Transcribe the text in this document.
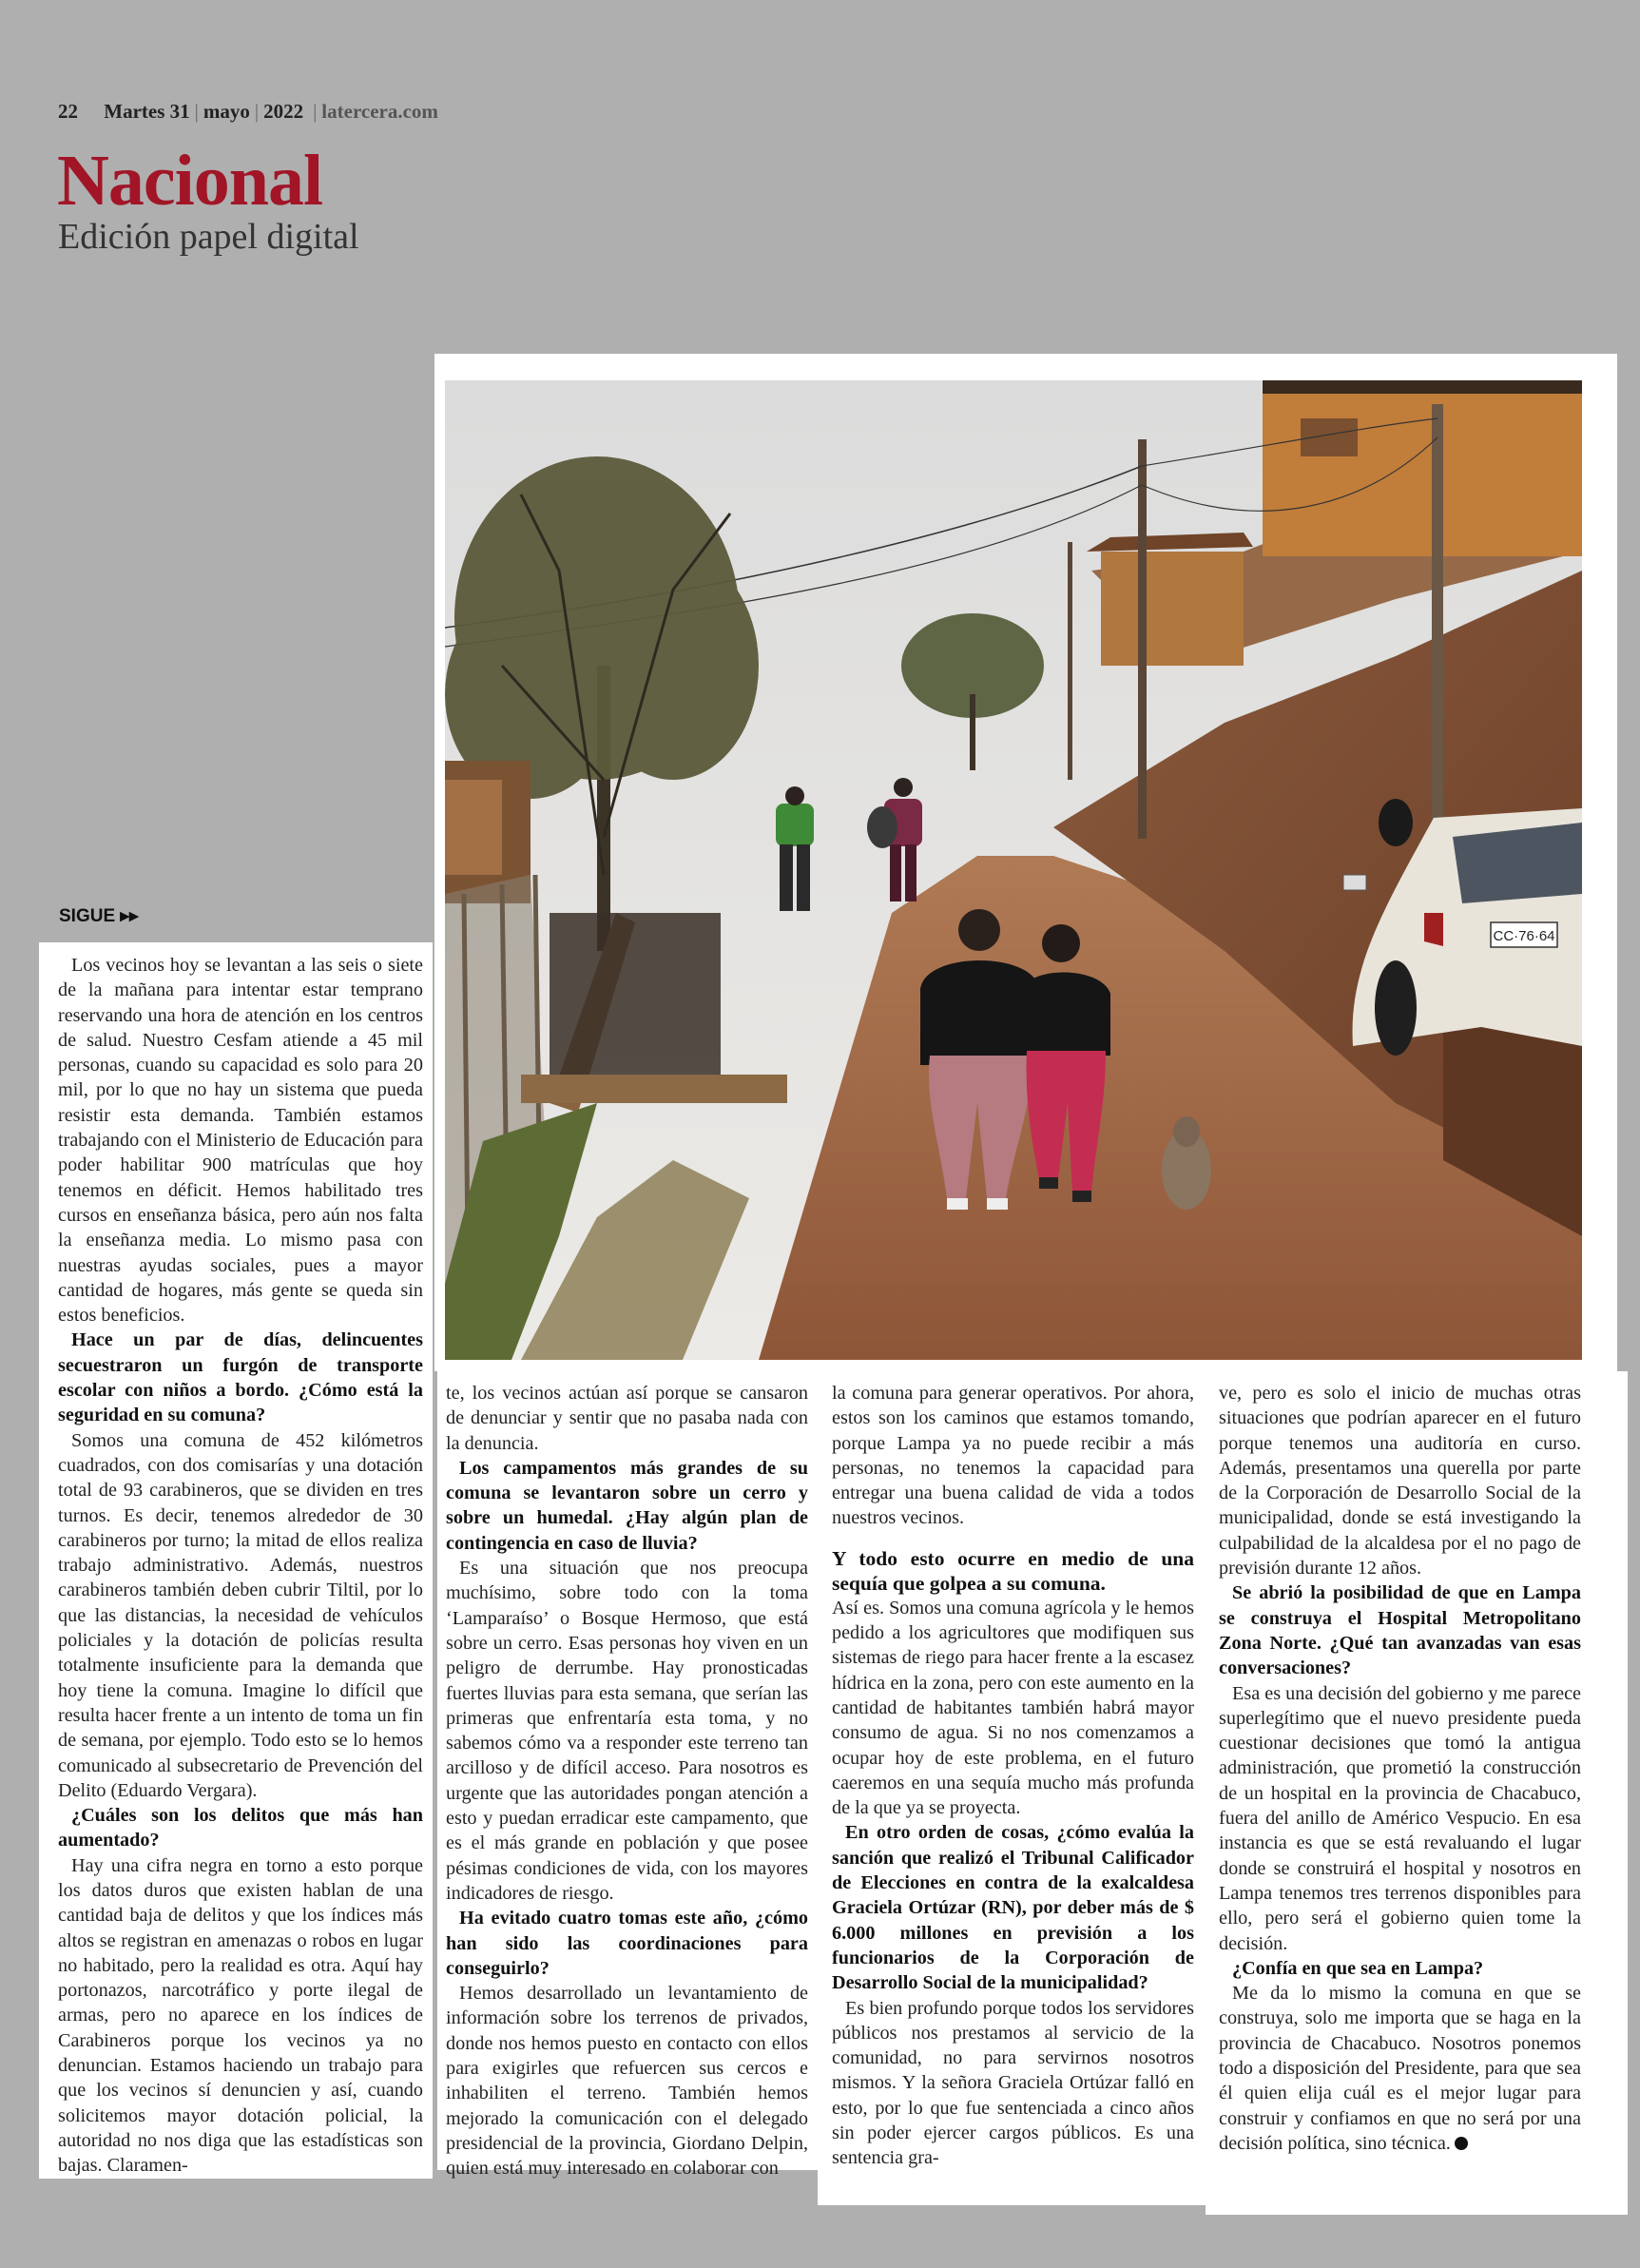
22 Martes 31 | mayo | 2022 | latercera.com
Nacional
Edición papel digital
SIGUE ▸▸
CC·76·64

Los vecinos hoy se levantan a las seis o siete de la mañana para intentar estar temprano reservando una hora de atención en los centros de salud. Nuestro Cesfam atiende a 45 mil personas, cuando su capacidad es solo para 20 mil, por lo que no hay un sistema que pueda resistir esta demanda. También estamos trabajando con el Ministerio de Educación para poder habilitar 900 matrículas que hoy tenemos en déficit. Hemos habilitado tres cursos en enseñanza básica, pero aún nos falta la enseñanza media. Lo mismo pasa con nuestras ayudas sociales, pues a mayor cantidad de hogares, más gente se queda sin estos beneficios.

Hace un par de días, delincuentes secuestraron un furgón de transporte escolar con niños a bordo. ¿Cómo está la seguridad en su comuna?

Somos una comuna de 452 kilómetros cuadrados, con dos comisarías y una dotación total de 93 carabineros, que se dividen en tres turnos. Es decir, tenemos alrededor de 30 carabineros por turno; la mitad de ellos realiza trabajo administrativo. Además, nuestros carabineros también deben cubrir Tiltil, por lo que las distancias, la necesidad de vehículos policiales y la dotación de policías resulta totalmente insuficiente para la demanda que hoy tiene la comuna. Imagine lo difícil que resulta hacer frente a un intento de toma un fin de semana, por ejemplo. Todo esto se lo hemos comunicado al subsecretario de Prevención del Delito (Eduardo Vergara).

¿Cuáles son los delitos que más han aumentado?

Hay una cifra negra en torno a esto porque los datos duros que existen hablan de una cantidad baja de delitos y que los índices más altos se registran en amenazas o robos en lugar no habitado, pero la realidad es otra. Aquí hay portonazos, narcotráfico y porte ilegal de armas, pero no aparece en los índices de Carabineros porque los vecinos ya no denuncian. Estamos haciendo un trabajo para que los vecinos sí denuncien y así, cuando solicitemos mayor dotación policial, la autoridad no nos diga que las estadísticas son bajas. Claramen-

te, los vecinos actúan así porque se cansaron de denunciar y sentir que no pasaba nada con la denuncia.

Los campamentos más grandes de su comuna se levantaron sobre un cerro y sobre un humedal. ¿Hay algún plan de contingencia en caso de lluvia?

Es una situación que nos preocupa muchísimo, sobre todo con la toma ‘Lamparaíso’ o Bosque Hermoso, que está sobre un cerro. Esas personas hoy viven en un peligro de derrumbe. Hay pronosticadas fuertes lluvias para esta semana, que serían las primeras que enfrentaría esta toma, y no sabemos cómo va a responder este terreno tan arcilloso y de difícil acceso. Para nosotros es urgente que las autoridades pongan atención a esto y puedan erradicar este campamento, que es el más grande en población y que posee pésimas condiciones de vida, con los mayores indicadores de riesgo.

Ha evitado cuatro tomas este año, ¿cómo han sido las coordinaciones para conseguirlo?

Hemos desarrollado un levantamiento de información sobre los terrenos de privados, donde nos hemos puesto en contacto con ellos para exigirles que refuercen sus cercos e inhabiliten el terreno. También hemos mejorado la comunicación con el delegado presidencial de la provincia, Giordano Delpin, quien está muy interesado en colaborar con

la comuna para generar operativos. Por ahora, estos son los caminos que estamos tomando, porque Lampa ya no puede recibir a más personas, no tenemos la capacidad para entregar una buena calidad de vida a todos nuestros vecinos.

Y todo esto ocurre en medio de una sequía que golpea a su comuna.

Así es. Somos una comuna agrícola y le hemos pedido a los agricultores que modifiquen sus sistemas de riego para hacer frente a la escasez hídrica en la zona, pero con este aumento en la cantidad de habitantes también habrá mayor consumo de agua. Si no nos comenzamos a ocupar hoy de este problema, en el futuro caeremos en una sequía mucho más profunda de la que ya se proyecta.

En otro orden de cosas, ¿cómo evalúa la sanción que realizó el Tribunal Calificador de Elecciones en contra de la exalcaldesa Graciela Ortúzar (RN), por deber más de $ 6.000 millones en previsión a los funcionarios de la Corporación de Desarrollo Social de la municipalidad?

Es bien profundo porque todos los servidores públicos nos prestamos al servicio de la comunidad, no para servirnos nosotros mismos. Y la señora Graciela Ortúzar falló en esto, por lo que fue sentenciada a cinco años sin poder ejercer cargos públicos. Es una sentencia gra-

ve, pero es solo el inicio de muchas otras situaciones que podrían aparecer en el futuro porque tenemos una auditoría en curso. Además, presentamos una querella por parte de la Corporación de Desarrollo Social de la municipalidad, donde se está investigando la culpabilidad de la alcaldesa por el no pago de previsión durante 12 años.

Se abrió la posibilidad de que en Lampa se construya el Hospital Metropolitano Zona Norte. ¿Qué tan avanzadas van esas conversaciones?

Esa es una decisión del gobierno y me parece superlegítimo que el nuevo presidente pueda cuestionar decisiones que tomó la antigua administración, que prometió la construcción de un hospital en la provincia de Chacabuco, fuera del anillo de Américo Vespucio. En esa instancia es que se está revaluando el lugar donde se construirá el hospital y nosotros en Lampa tenemos tres terrenos disponibles para ello, pero será el gobierno quien tome la decisión.

¿Confía en que sea en Lampa?

Me da lo mismo la comuna en que se construya, solo me importa que se haga en la provincia de Chacabuco. Nosotros ponemos todo a disposición del Presidente, para que sea él quien elija cuál es el mejor lugar para construir y confiamos en que no será por una decisión política, sino técnica.
